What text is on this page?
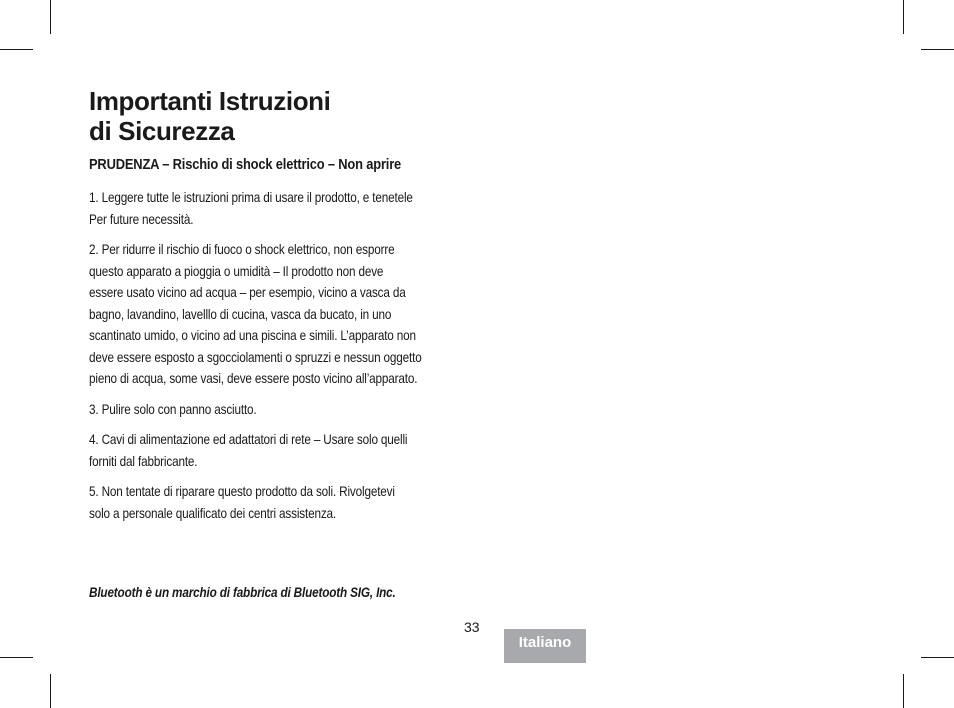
Importanti Istruzioni
di Sicurezza

PRUDENZA – Rischio di shock elettrico – Non aprire

1. Leggere tutte le istruzioni prima di usare il prodotto, e tenetele
Per future necessità.
2. Per ridurre il rischio di fuoco o shock elettrico, non esporre
questo apparato a pioggia o umidità – Il prodotto non deve
essere usato vicino ad acqua – per esempio, vicino a vasca da
bagno, lavandino, lavelllo di cucina, vasca da bucato, in uno
scantinato umido, o vicino ad una piscina e simili. L’apparato non
deve essere esposto a sgocciolamenti o spruzzi e nessun oggetto
pieno di acqua, some vasi, deve essere posto vicino all’apparato.
3. Pulire solo con panno asciutto.
4. Cavi di alimentazione ed adattatori di rete – Usare solo quelli
forniti dal fabbricante.
5. Non tentate di riparare questo prodotto da soli. Rivolgetevi
solo a personale qualificato dei centri assistenza.

Bluetooth è un marchio di fabbrica di Bluetooth SIG, Inc.

33
Italiano
